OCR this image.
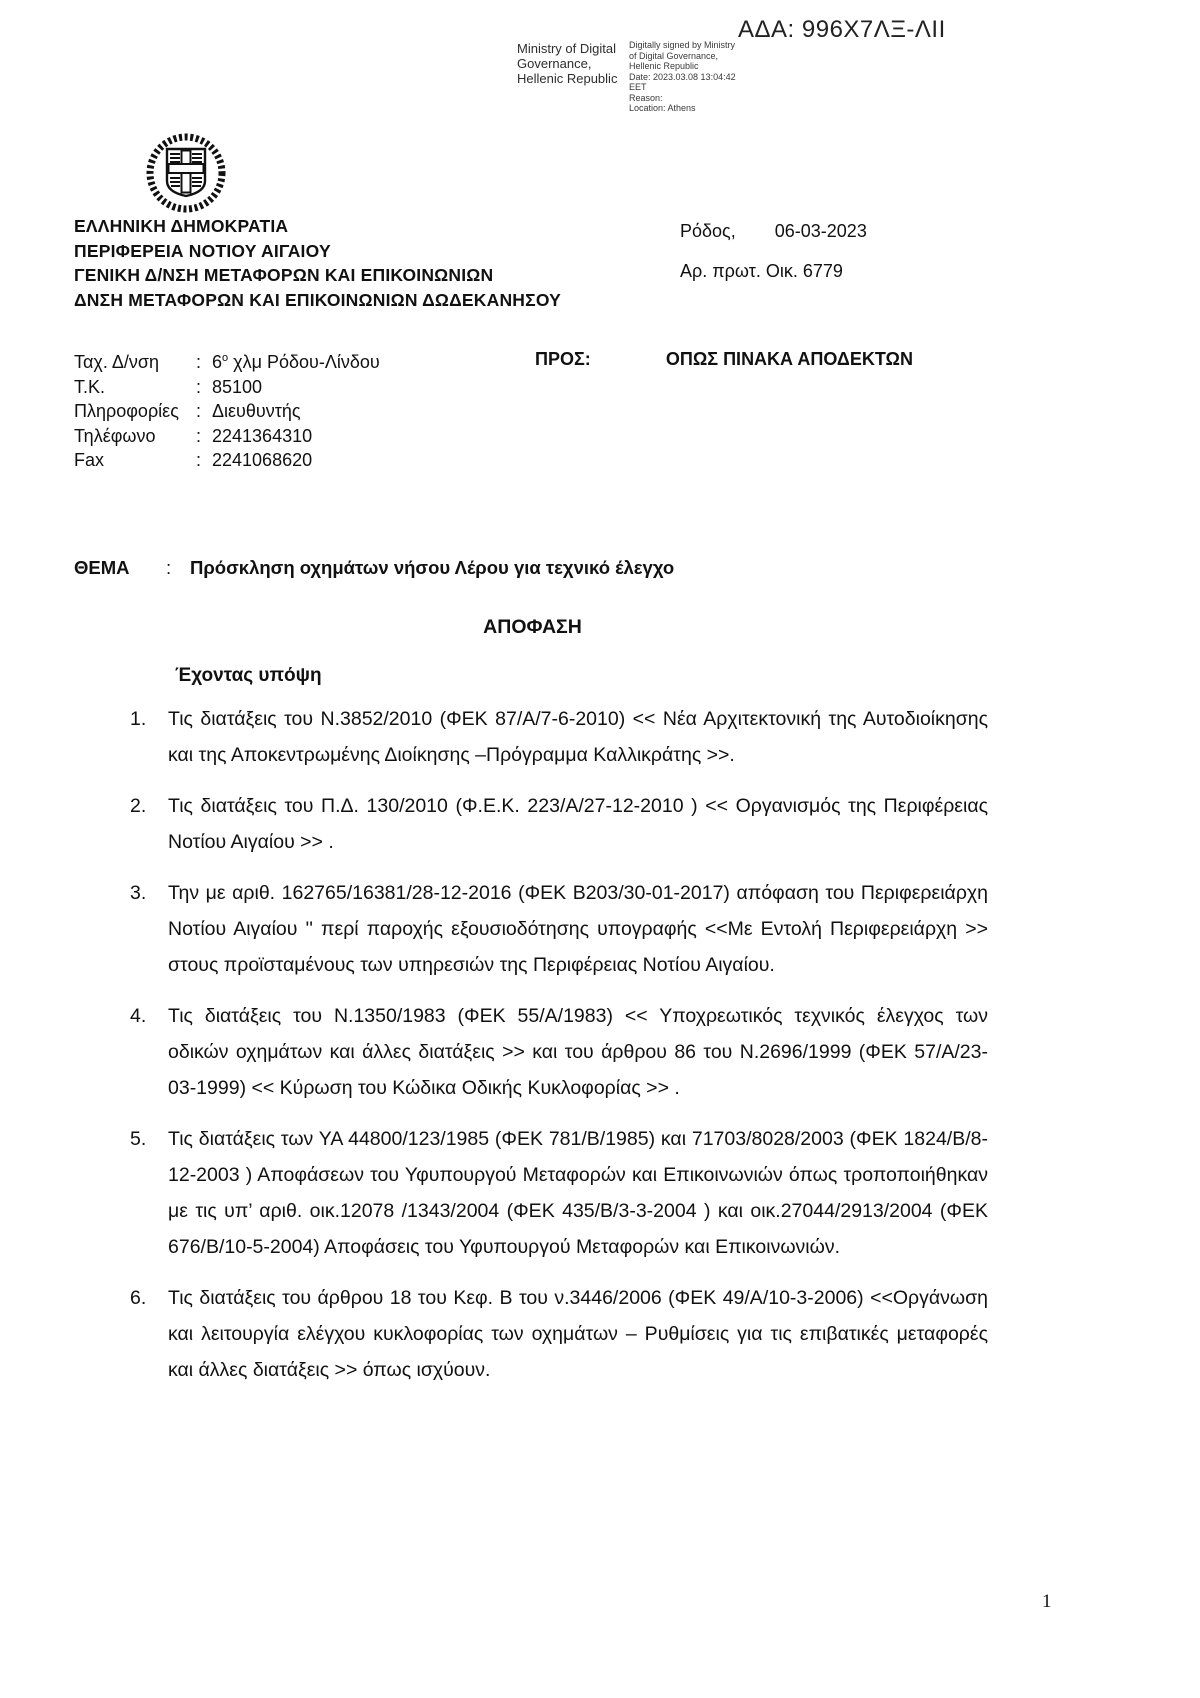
ΑΔΑ: 996Χ7ΛΞ-ΛΙΙ
Ministry of Digital
Governance,
Hellenic Republic
Digitally signed by Ministry
of Digital Governance,
Hellenic Republic
Date: 2023.03.08 13:04:42
EET
Reason:
Location: Athens
ΕΛΛΗΝΙΚΗ ΔΗΜΟΚΡΑΤΙΑ
ΠΕΡΙΦΕΡΕΙΑ ΝΟΤΙΟΥ ΑΙΓΑΙΟΥ
ΓΕΝΙΚΗ Δ/ΝΣΗ ΜΕΤΑΦΟΡΩΝ ΚΑΙ ΕΠΙΚΟΙΝΩΝΙΩΝ
ΔΝΣΗ ΜΕΤΑΦΟΡΩΝ ΚΑΙ ΕΠΙΚΟΙΝΩΝΙΩΝ ΔΩΔΕΚΑΝΗΣΟΥ
Ρόδος, 06-03-2023
Αρ. πρωτ. Οικ. 6779
Ταχ. Δ/νση : $6^o$ χλμ Ρόδου-Λίνδου
Τ.Κ.	: 85100
Πληροφορίες : Διευθυντής
Τηλέφωνο : 2241364310
Fax	: 2241068620
ΠΡΟΣ:	ΟΠΩΣ ΠΙΝΑΚΑ ΑΠΟΔΕΚΤΩΝ
ΘΕΜΑ : Πρόσκληση οχημάτων νήσου Λέρου για τεχνικό έλεγχο
ΑΠΟΦΑΣΗ
Έχοντας υπόψη
1.	Τις διατάξεις του Ν.3852/2010 (ΦΕΚ 87/Α/7-6-2010) << Νέα Αρχιτεκτονική της Αυτοδιοίκησης και της Αποκεντρωμένης Διοίκησης –Πρόγραμμα Καλλικράτης >>.
2.	Τις διατάξεις του Π.Δ. 130/2010 (Φ.Ε.Κ. 223/Α/27-12-2010 ) << Οργανισμός της Περιφέρειας Νοτίου Αιγαίου >> .
3.	Την με αριθ. 162765/16381/28-12-2016 (ΦΕΚ Β203/30-01-2017) απόφαση του Περιφερειάρχη Νοτίου Αιγαίου '' περί παροχής εξουσιοδότησης υπογραφής <<Με Εντολή Περιφερειάρχη >> στους προϊσταμένους των υπηρεσιών της Περιφέρειας Νοτίου Αιγαίου.
4.	Τις διατάξεις του Ν.1350/1983 (ΦΕΚ 55/Α/1983) << Υποχρεωτικός τεχνικός έλεγχος των οδικών οχημάτων και άλλες διατάξεις >> και του άρθρου 86 του Ν.2696/1999 (ΦΕΚ 57/Α/23-03-1999) << Κύρωση του Κώδικα Οδικής Κυκλοφορίας >> .
5.	Τις διατάξεις των ΥΑ 44800/123/1985 (ΦΕΚ 781/Β/1985) και 71703/8028/2003 (ΦΕΚ 1824/Β/8-12-2003 ) Αποφάσεων του Υφυπουργού Μεταφορών και Επικοινωνιών όπως τροποποιήθηκαν με τις υπ’ αριθ. οικ.12078 /1343/2004 (ΦΕΚ 435/Β/3-3-2004 ) και οικ.27044/2913/2004 (ΦΕΚ 676/Β/10-5-2004) Αποφάσεις του Υφυπουργού Μεταφορών και Επικοινωνιών.
6.	Τις διατάξεις του άρθρου 18 του Κεφ. Β του ν.3446/2006 (ΦΕΚ 49/Α/10-3-2006) <<Οργάνωση και λειτουργία ελέγχου κυκλοφορίας των οχημάτων – Ρυθμίσεις για τις επιβατικές μεταφορές και άλλες διατάξεις >> όπως ισχύουν.
1
